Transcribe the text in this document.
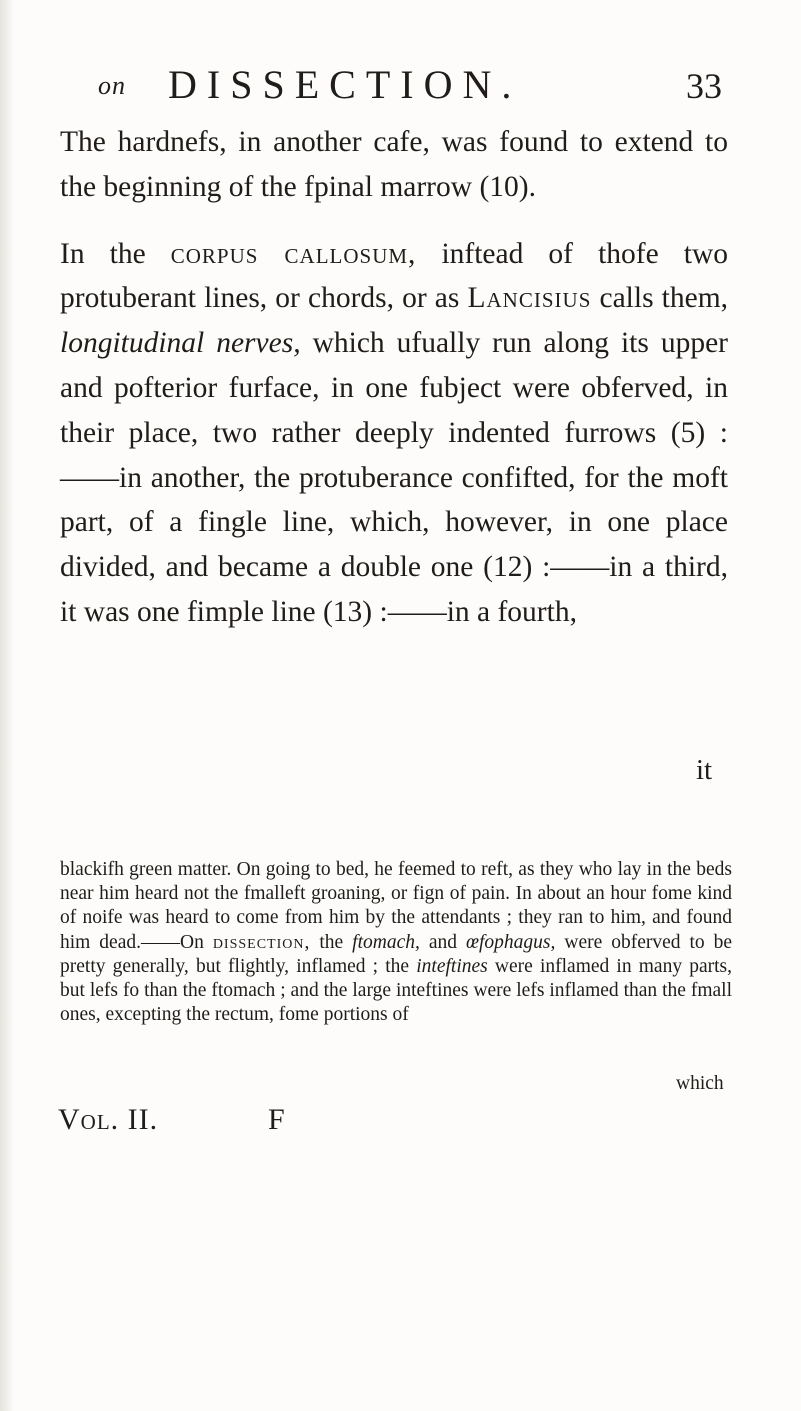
on DISSECTION.	33

The hardnefs, in another cafe, was found to extend to the beginning of the fpinal marrow (10).

In the corpus callosum, inftead of thofe two protuberant lines, or chords, or as Lancisius calls them, longitudinal nerves, which ufually run along its upper and pofterior furface, in one fubject were obferved, in their place, two rather deeply indented furrows (5) :——in another, the protuberance confifted, for the moft part, of a fingle line, which, however, in one place divided, and became a double one (12) :——in a third, it was one fimple line (13) :——in a fourth,

it

blackifh green matter. On going to bed, he feemed to reft, as they who lay in the beds near him heard not the fmalleft groaning, or fign of pain. In about an hour fome kind of noife was heard to come from him by the attendants ; they ran to him, and found him dead.——On dissection, the ftomach, and œfophagus, were obferved to be pretty generally, but flightly, inflamed ; the inteftines were inflamed in many parts, but lefs fo than the ftomach ; and the large inteftines were lefs inflamed than the fmall ones, excepting the rectum, fome portions of

which
Vol. II.	F
